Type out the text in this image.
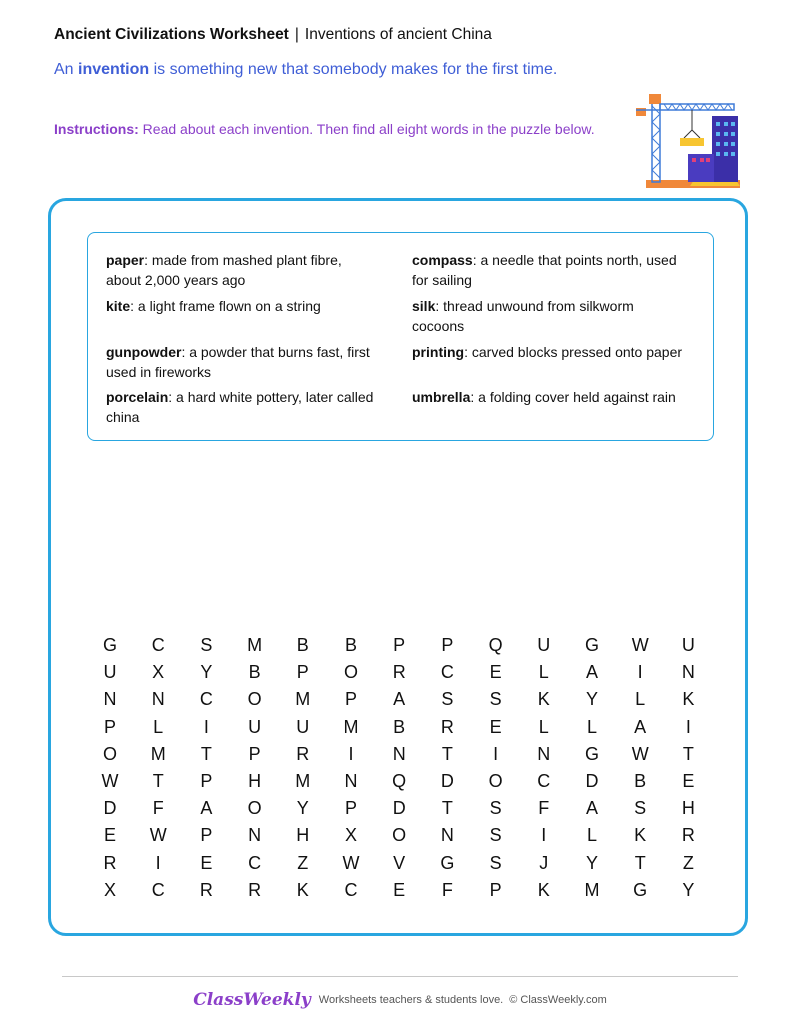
Ancient Civilizations Worksheet | Inventions of ancient China
An invention is something new that somebody makes for the first time.
Instructions: Read about each invention. Then find all eight words in the puzzle below.
paper: made from mashed plant fibre, about 2,000 years ago
compass: a needle that points north, used for sailing
kite: a light frame flown on a string	silk: thread unwound from silkworm cocoons
gunpowder: a powder that burns fast, first used in fireworks
printing: carved blocks pressed onto paper
porcelain: a hard white pottery, later called china
umbrella: a folding cover held against rain
G	C	S	M	B	B	P	P	Q	U	G	W	U
U	X	Y	B	P	O	R	C	E	L	A	I	N
N	N	C	O	M	P	A	S	S	K	Y	L	K
P	L	I	U	U	M	B	R	E	L	L	A	I
O	M	T	P	R	I	N	T	I	N	G	W	T
W	T	P	H	M	N	Q	D	O	C	D	B	E
D	F	A	O	Y	P	D	T	S	F	A	S	H
E	W	P	N	H	X	O	N	S	I	L	K	R
R	I	E	C	Z	W	V	G	S	J	Y	T	Z
X	C	R	R	K	C	E	F	P	K	M	G	Y
ClassWeekly Worksheets teachers & students love. © ClassWeekly.com
